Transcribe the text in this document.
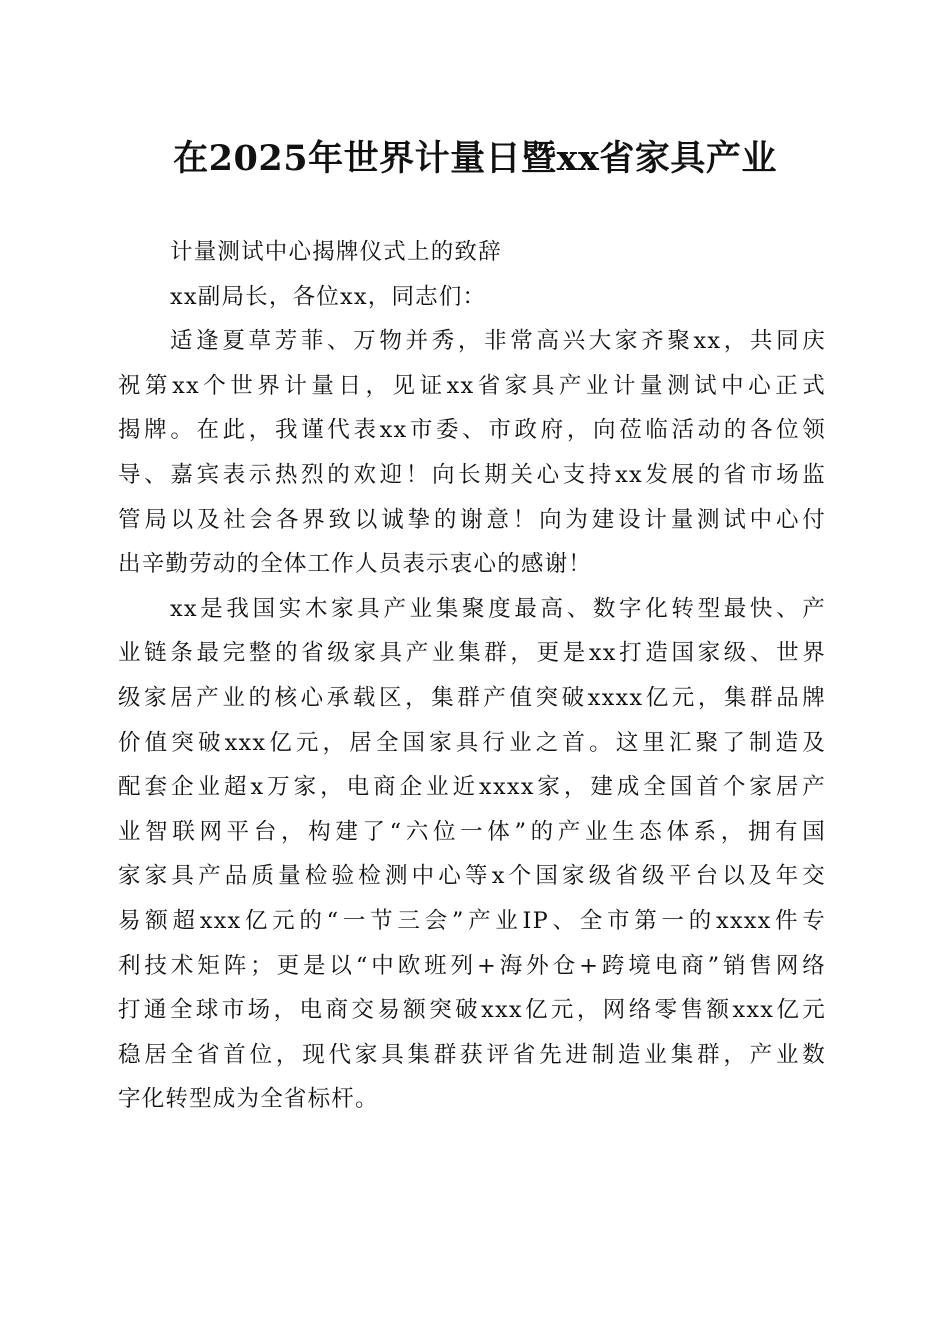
在2025年世界计量日暨xx省家具产业
计量测试中心揭牌仪式上的致辞
xx副局长，各位xx，同志们：
适逢夏草芳菲、万物并秀，非常高兴大家齐聚xx，共同庆
祝第xx个世界计量日，见证xx省家具产业计量测试中心正式
揭牌。在此，我谨代表xx市委、市政府，向莅临活动的各位领
导、嘉宾表示热烈的欢迎！向长期关心支持xx发展的省市场监
管局以及社会各界致以诚挚的谢意！向为建设计量测试中心付
出辛勤劳动的全体工作人员表示衷心的感谢！
xx是我国实木家具产业集聚度最高、数字化转型最快、产
业链条最完整的省级家具产业集群，更是xx打造国家级、世界
级家居产业的核心承载区，集群产值突破xxxx亿元，集群品牌
价值突破xxx亿元，居全国家具行业之首。这里汇聚了制造及
配套企业超x万家，电商企业近xxxx家，建成全国首个家居产
业智联网平台，构建了“六位一体”的产业生态体系，拥有国
家家具产品质量检验检测中心等x个国家级省级平台以及年交
易额超xxx亿元的“一节三会”产业IP、全市第一的xxxx件专
利技术矩阵；更是以“中欧班列+海外仓+跨境电商”销售网络
打通全球市场，电商交易额突破xxx亿元，网络零售额xxx亿元
稳居全省首位，现代家具集群获评省先进制造业集群，产业数
字化转型成为全省标杆。
